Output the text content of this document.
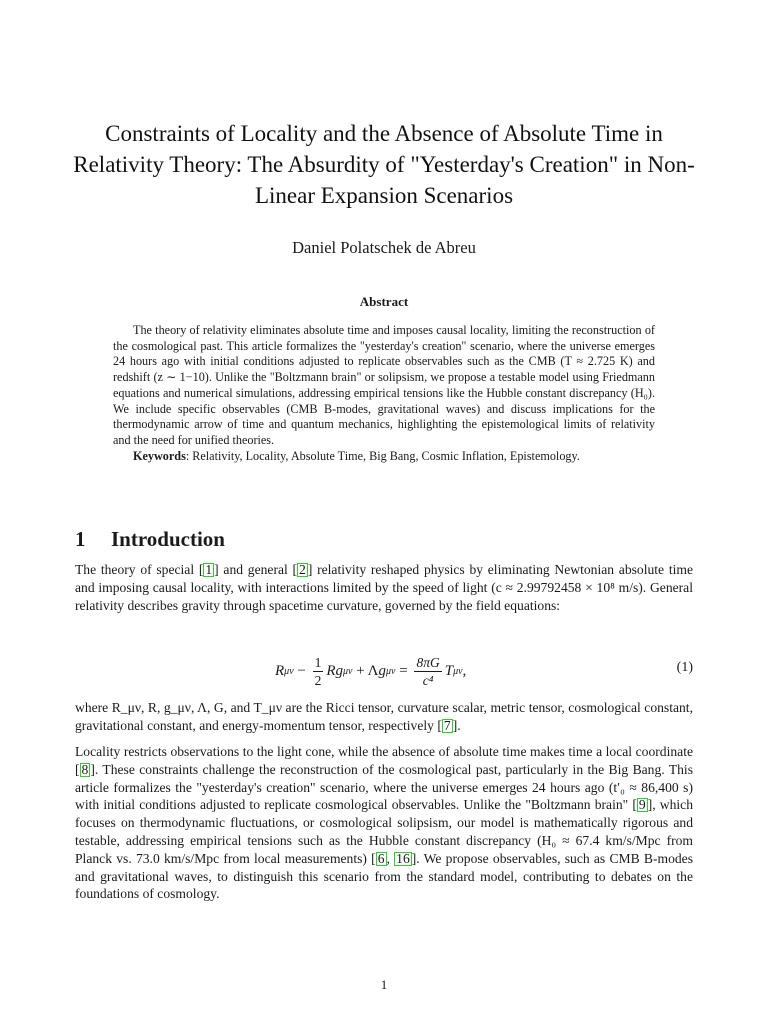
Constraints of Locality and the Absence of Absolute Time in Relativity Theory: The Absurdity of "Yesterday's Creation" in Non-Linear Expansion Scenarios
Daniel Polatschek de Abreu
Abstract

The theory of relativity eliminates absolute time and imposes causal locality, limiting the reconstruction of the cosmological past. This article formalizes the "yesterday's creation" scenario, where the universe emerges 24 hours ago with initial conditions adjusted to replicate observables such as the CMB (T ≈ 2.725 K) and redshift (z ∼ 1−10). Unlike the "Boltzmann brain" or solipsism, we propose a testable model using Friedmann equations and numerical simulations, addressing empirical tensions like the Hubble constant discrepancy (H₀). We include specific observables (CMB B-modes, gravitational waves) and discuss implications for the thermodynamic arrow of time and quantum mechanics, highlighting the epistemological limits of relativity and the need for unified theories.

Keywords: Relativity, Locality, Absolute Time, Big Bang, Cosmic Inflation, Epistemology.

1 Introduction

The theory of special [ 1 ] and general [ 2 ] relativity reshaped physics by eliminating Newtonian absolute time and imposing causal locality, with interactions limited by the speed of light (c ≈ 2.99792458 × 10⁸ m/s). General relativity describes gravity through spacetime curvature, governed by the field equations:

R $\mu\nu - \frac{1}{2}$ R g μν + Λ g $\mu\nu = \frac{8\pi G}{\text{c⁴}}$ T μν ,	(1)

where R_μν, R, g_μν, Λ, G, and T_μν are the Ricci tensor, curvature scalar, metric tensor, cosmological constant, gravitational constant, and energy-momentum tensor, respectively [ 7 ].

Locality restricts observations to the light cone, while the absence of absolute time makes time a local coordinate [ 8 ]. These constraints challenge the reconstruction of the cosmological past, particularly in the Big Bang. This article formalizes the "yesterday's creation" scenario, where the universe emerges 24 hours ago (t′₀ ≈ 86,400 s) with initial conditions adjusted to replicate cosmological observables. Unlike the "Boltzmann brain" [ 9 ], which focuses on thermodynamic fluctuations, or cosmological solipsism, our model is mathematically rigorous and testable, addressing empirical tensions such as the Hubble constant discrepancy (H₀ ≈ 67.4 km/s/Mpc from Planck vs. 73.0 km/s/Mpc from local measurements) [ 6 , 16 ]. We propose observables, such as CMB B-modes and gravitational waves, to distinguish this scenario from the standard model, contributing to debates on the foundations of cosmology.

1
